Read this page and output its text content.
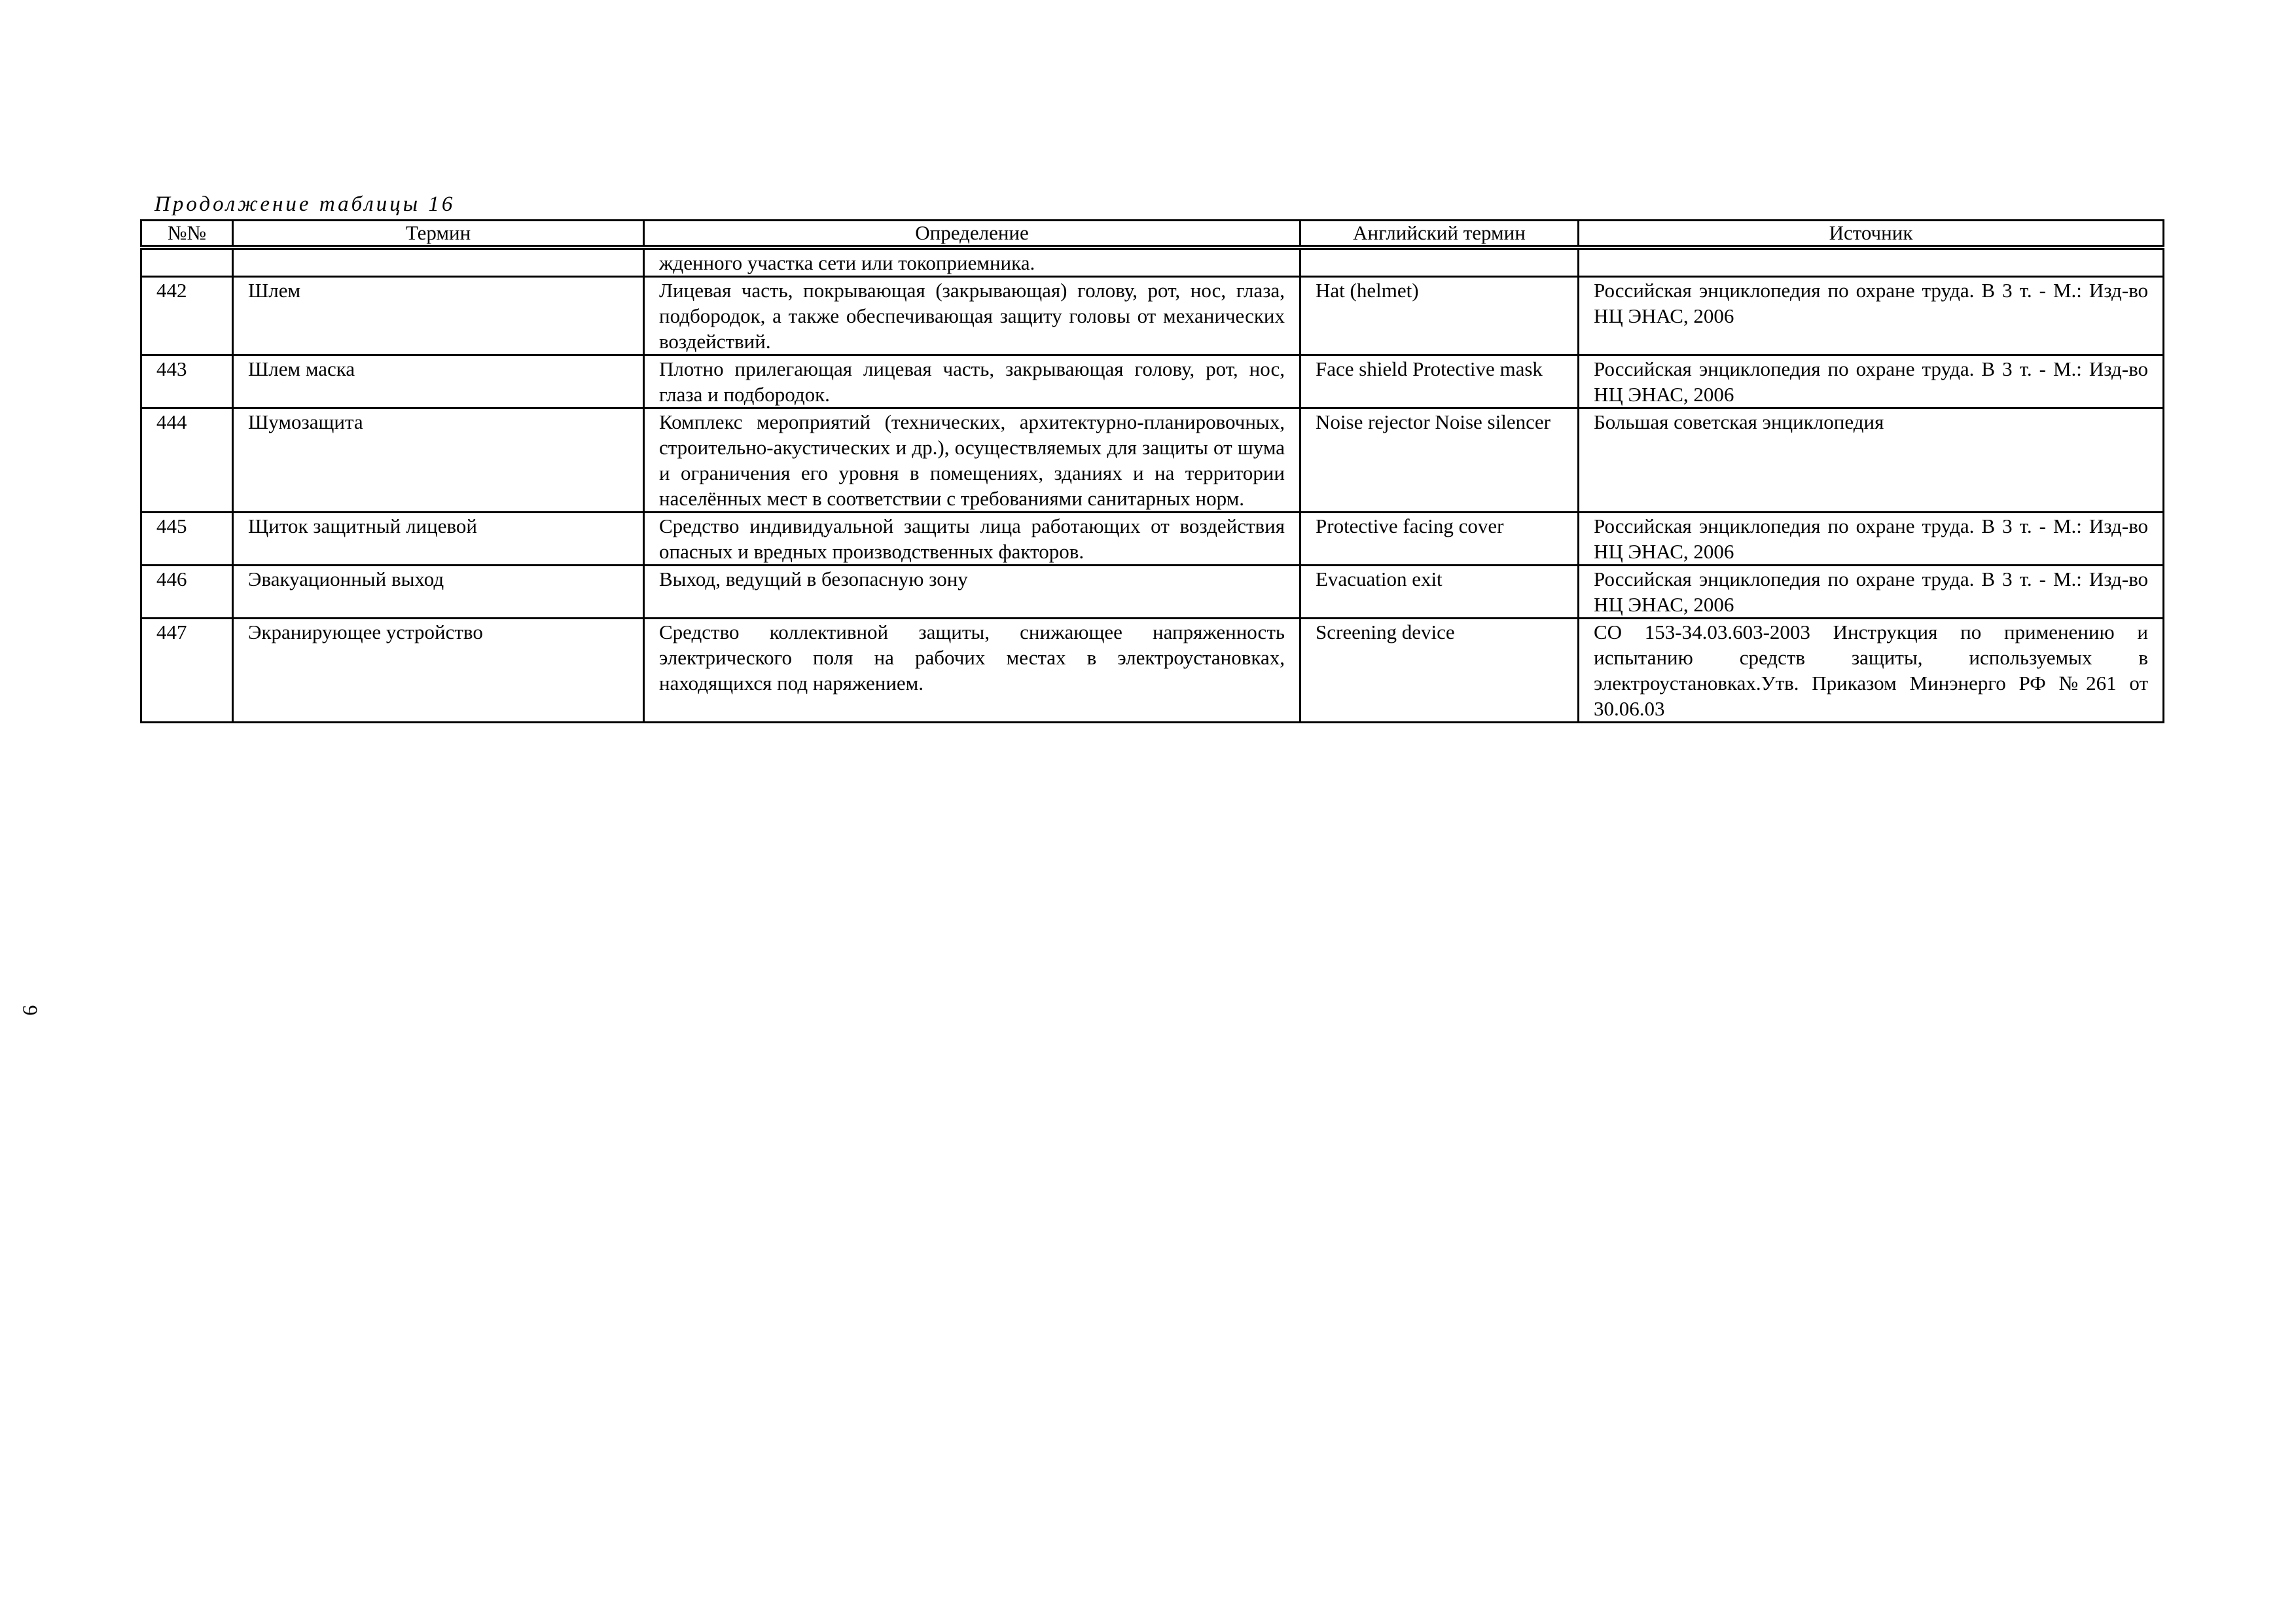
Продолжение таблицы 16
№№	Термин	Определение	Английский термин	Источник
		жденного участка сети или токоприемника.		
442	Шлем	Лицевая часть, покрывающая (закрывающая) голову, рот, нос, глаза, подбородок, а также обеспечивающая защиту головы от механических воздействий.	Hat (helmet)	Российская энциклопедия по охране труда. В 3 т. - М.: Изд-во НЦ ЭНАС, 2006
443	Шлем маска	Плотно прилегающая лицевая часть, закрывающая голову, рот, нос, глаза и подбородок.	Face shield Protective mask	Российская энциклопедия по охране труда. В 3 т. - М.: Изд-во НЦ ЭНАС, 2006
444	Шумозащита	Комплекс мероприятий (технических, архитектурно-планировочных, строительно-акустических и др.), осуществляемых для защиты от шума и ограничения его уровня в помещениях, зданиях и на территории населённых мест в соответствии с требованиями санитарных норм.	Noise rejector Noise silencer	Большая советская энциклопедия
445	Щиток защитный лицевой	Средство индивидуальной защиты лица работающих от воздействия опасных и вредных производственных факторов.	Protective facing cover	Российская энциклопедия по охране труда. В 3 т. - М.: Изд-во НЦ ЭНАС, 2006
446	Эвакуационный выход	Выход, ведущий в безопасную зону	Evacuation exit	Российская энциклопедия по охране труда. В 3 т. - М.: Изд-во НЦ ЭНАС, 2006
447	Экранирующее устройство	Средство коллективной защиты, снижающее напряженность электрического поля на рабочих местах в электроустановках, находящихся под наряжением.	Screening device	СО 153-34.03.603-2003 Инструкция по применению и испытанию средств защиты, используемых в электроустановках.Утв. Приказом Минэнерго РФ №261 от 30.06.03
9
